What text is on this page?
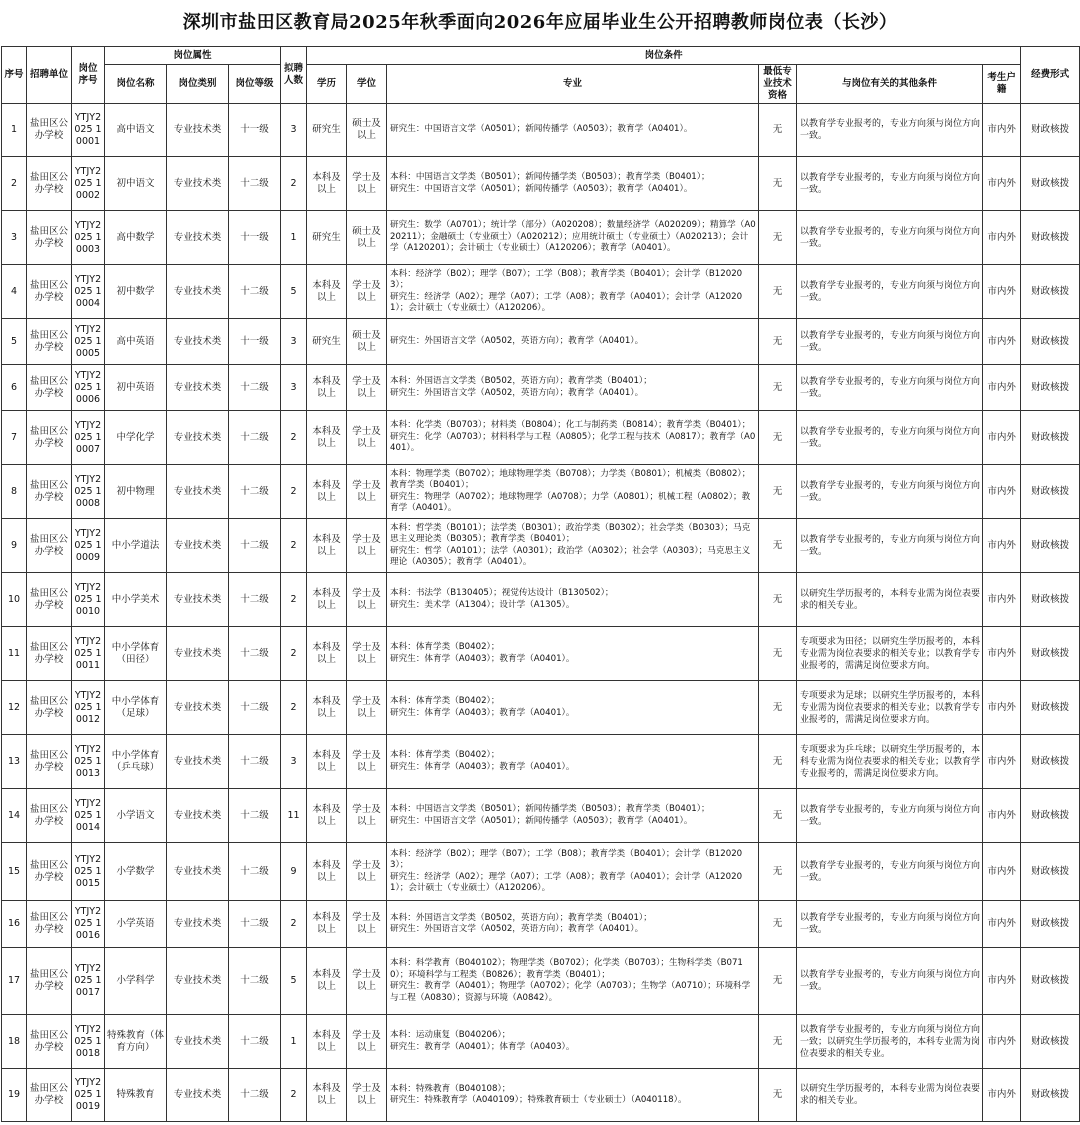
深圳市盐田区教育局2025年秋季面向2026年应届毕业生公开招聘教师岗位表（长沙）
序号	招聘单位	岗位序号	岗位属性			拟聘人数	岗位条件						经费形式
			岗位名称	岗位类别	岗位等级		学历	学位	专业	最低专业技术资格	与岗位有关的其他条件	考生户籍	
1	盐田区公办学校	YTJY2025 10001	高中语文	专业技术类	十一级	3	研究生	硕士及以上	研究生：中国语言文学（A0501）；新闻传播学（A0503）；教育学（A0401）。	无	以教育学专业报考的，专业方向须与岗位方向一致。	市内外	财政核拨
2	盐田区公办学校	YTJY2025 10002	初中语文	专业技术类	十二级	2	本科及以上	学士及以上	本科：中国语言文学类（B0501）；新闻传播学类（B0503）；教育学类（B0401）；
研究生：中国语言文学（A0501）；新闻传播学（A0503）；教育学（A0401）。	无	以教育学专业报考的，专业方向须与岗位方向一致。	市内外	财政核拨
3	盐田区公办学校	YTJY2025 10003	高中数学	专业技术类	十一级	1	研究生	硕士及以上	研究生：数学（A0701）；统计学（部分）（A020208）；数量经济学（A020209）；精算学（A020211）；金融硕士（专业硕士）（A020212）；应用统计硕士（专业硕士）（A020213）；会计学（A120201）；会计硕士（专业硕士）（A120206）；教育学（A0401）。	无	以教育学专业报考的，专业方向须与岗位方向一致。	市内外	财政核拨
4	盐田区公办学校	YTJY2025 10004	初中数学	专业技术类	十二级	5	本科及以上	学士及以上	本科：经济学（B02）；理学（B07）；工学（B08）；教育学类（B0401）；会计学（B120203）；
研究生：经济学（A02）；理学（A07）；工学（A08）；教育学（A0401）；会计学（A120201）；会计硕士（专业硕士）（A120206）。	无	以教育学专业报考的，专业方向须与岗位方向一致。	市内外	财政核拨
5	盐田区公办学校	YTJY2025 10005	高中英语	专业技术类	十一级	3	研究生	硕士及以上	研究生：外国语言文学（A0502，英语方向）；教育学（A0401）。	无	以教育学专业报考的，专业方向须与岗位方向一致。	市内外	财政核拨
6	盐田区公办学校	YTJY2025 10006	初中英语	专业技术类	十二级	3	本科及以上	学士及以上	本科：外国语言文学类（B0502，英语方向）；教育学类（B0401）；
研究生：外国语言文学（A0502，英语方向）；教育学（A0401）。	无	以教育学专业报考的，专业方向须与岗位方向一致。	市内外	财政核拨
7	盐田区公办学校	YTJY2025 10007	中学化学	专业技术类	十二级	2	本科及以上	学士及以上	本科：化学类（B0703）；材料类（B0804）；化工与制药类（B0814）；教育学类（B0401）；
研究生：化学（A0703）；材料科学与工程（A0805）；化学工程与技术（A0817）；教育学（A0401）。	无	以教育学专业报考的，专业方向须与岗位方向一致。	市内外	财政核拨
8	盐田区公办学校	YTJY2025 10008	初中物理	专业技术类	十二级	2	本科及以上	学士及以上	本科：物理学类（B0702）；地球物理学类（B0708）；力学类（B0801）；机械类（B0802）；教育学类（B0401）；
研究生：物理学（A0702）；地球物理学（A0708）；力学（A0801）；机械工程（A0802）；教育学（A0401）。	无	以教育学专业报考的，专业方向须与岗位方向一致。	市内外	财政核拨
9	盐田区公办学校	YTJY2025 10009	中小学道法	专业技术类	十二级	2	本科及以上	学士及以上	本科：哲学类（B0101）；法学类（B0301）；政治学类（B0302）；社会学类（B0303）；马克思主义理论类（B0305）；教育学类（B0401）；
研究生：哲学（A0101）；法学（A0301）；政治学（A0302）；社会学（A0303）；马克思主义理论（A0305）；教育学（A0401）。	无	以教育学专业报考的，专业方向须与岗位方向一致。	市内外	财政核拨
10	盐田区公办学校	YTJY2025 10010	中小学美术	专业技术类	十二级	2	本科及以上	学士及以上	本科：书法学（B130405）；视觉传达设计（B130502）；
研究生：美术学（A1304）；设计学（A1305）。	无	以研究生学历报考的，本科专业需为岗位表要求的相关专业。	市内外	财政核拨
11	盐田区公办学校	YTJY2025 10011	中小学体育（田径）	专业技术类	十二级	2	本科及以上	学士及以上	本科：体育学类（B0402）；
研究生：体育学（A0403）；教育学（A0401）。	无	专项要求为田径；以研究生学历报考的，本科专业需为岗位表要求的相关专业；以教育学专业报考的，需满足岗位要求方向。	市内外	财政核拨
12	盐田区公办学校	YTJY2025 10012	中小学体育（足球）	专业技术类	十二级	2	本科及以上	学士及以上	本科：体育学类（B0402）；
研究生：体育学（A0403）；教育学（A0401）。	无	专项要求为足球；以研究生学历报考的，本科专业需为岗位表要求的相关专业；以教育学专业报考的，需满足岗位要求方向。	市内外	财政核拨
13	盐田区公办学校	YTJY2025 10013	中小学体育（乒乓球）	专业技术类	十二级	3	本科及以上	学士及以上	本科：体育学类（B0402）；
研究生：体育学（A0403）；教育学（A0401）。	无	专项要求为乒乓球；以研究生学历报考的，本科专业需为岗位表要求的相关专业；以教育学专业报考的，需满足岗位要求方向。	市内外	财政核拨
14	盐田区公办学校	YTJY2025 10014	小学语文	专业技术类	十二级	11	本科及以上	学士及以上	本科：中国语言文学类（B0501）；新闻传播学类（B0503）；教育学类（B0401）；
研究生：中国语言文学（A0501）；新闻传播学（A0503）；教育学（A0401）。	无	以教育学专业报考的，专业方向须与岗位方向一致。	市内外	财政核拨
15	盐田区公办学校	YTJY2025 10015	小学数学	专业技术类	十二级	9	本科及以上	学士及以上	本科：经济学（B02）；理学（B07）；工学（B08）；教育学类（B0401）；会计学（B120203）；
研究生：经济学（A02）；理学（A07）；工学（A08）；教育学（A0401）；会计学（A120201）；会计硕士（专业硕士）（A120206）。	无	以教育学专业报考的，专业方向须与岗位方向一致。	市内外	财政核拨
16	盐田区公办学校	YTJY2025 10016	小学英语	专业技术类	十二级	2	本科及以上	学士及以上	本科：外国语言文学类（B0502，英语方向）；教育学类（B0401）；
研究生：外国语言文学（A0502，英语方向）；教育学（A0401）。	无	以教育学专业报考的，专业方向须与岗位方向一致。	市内外	财政核拨
17	盐田区公办学校	YTJY2025 10017	小学科学	专业技术类	十二级	5	本科及以上	学士及以上	本科：科学教育（B040102）；物理学类（B0702）；化学类（B0703）；生物科学类（B0710）；环境科学与工程类（B0826）；教育学类（B0401）；
研究生：教育学（A0401）；物理学（A0702）；化学（A0703）；生物学（A0710）；环境科学与工程（A0830）；资源与环境（A0842）。	无	以教育学专业报考的，专业方向须与岗位方向一致。	市内外	财政核拨
18	盐田区公办学校	YTJY2025 10018	特殊教育（体育方向）	专业技术类	十二级	1	本科及以上	学士及以上	本科：运动康复（B040206）；
研究生：教育学（A0401）；体育学（A0403）。	无	以教育学专业报考的，专业方向须与岗位方向一致；以研究生学历报考的，本科专业需为岗位表要求的相关专业。	市内外	财政核拨
19	盐田区公办学校	YTJY2025 10019	特殊教育	专业技术类	十二级	2	本科及以上	学士及以上	本科：特殊教育（B040108）；
研究生：特殊教育学（A040109）；特殊教育硕士（专业硕士）（A040118）。	无	以研究生学历报考的，本科专业需为岗位表要求的相关专业。	市内外	财政核拨
